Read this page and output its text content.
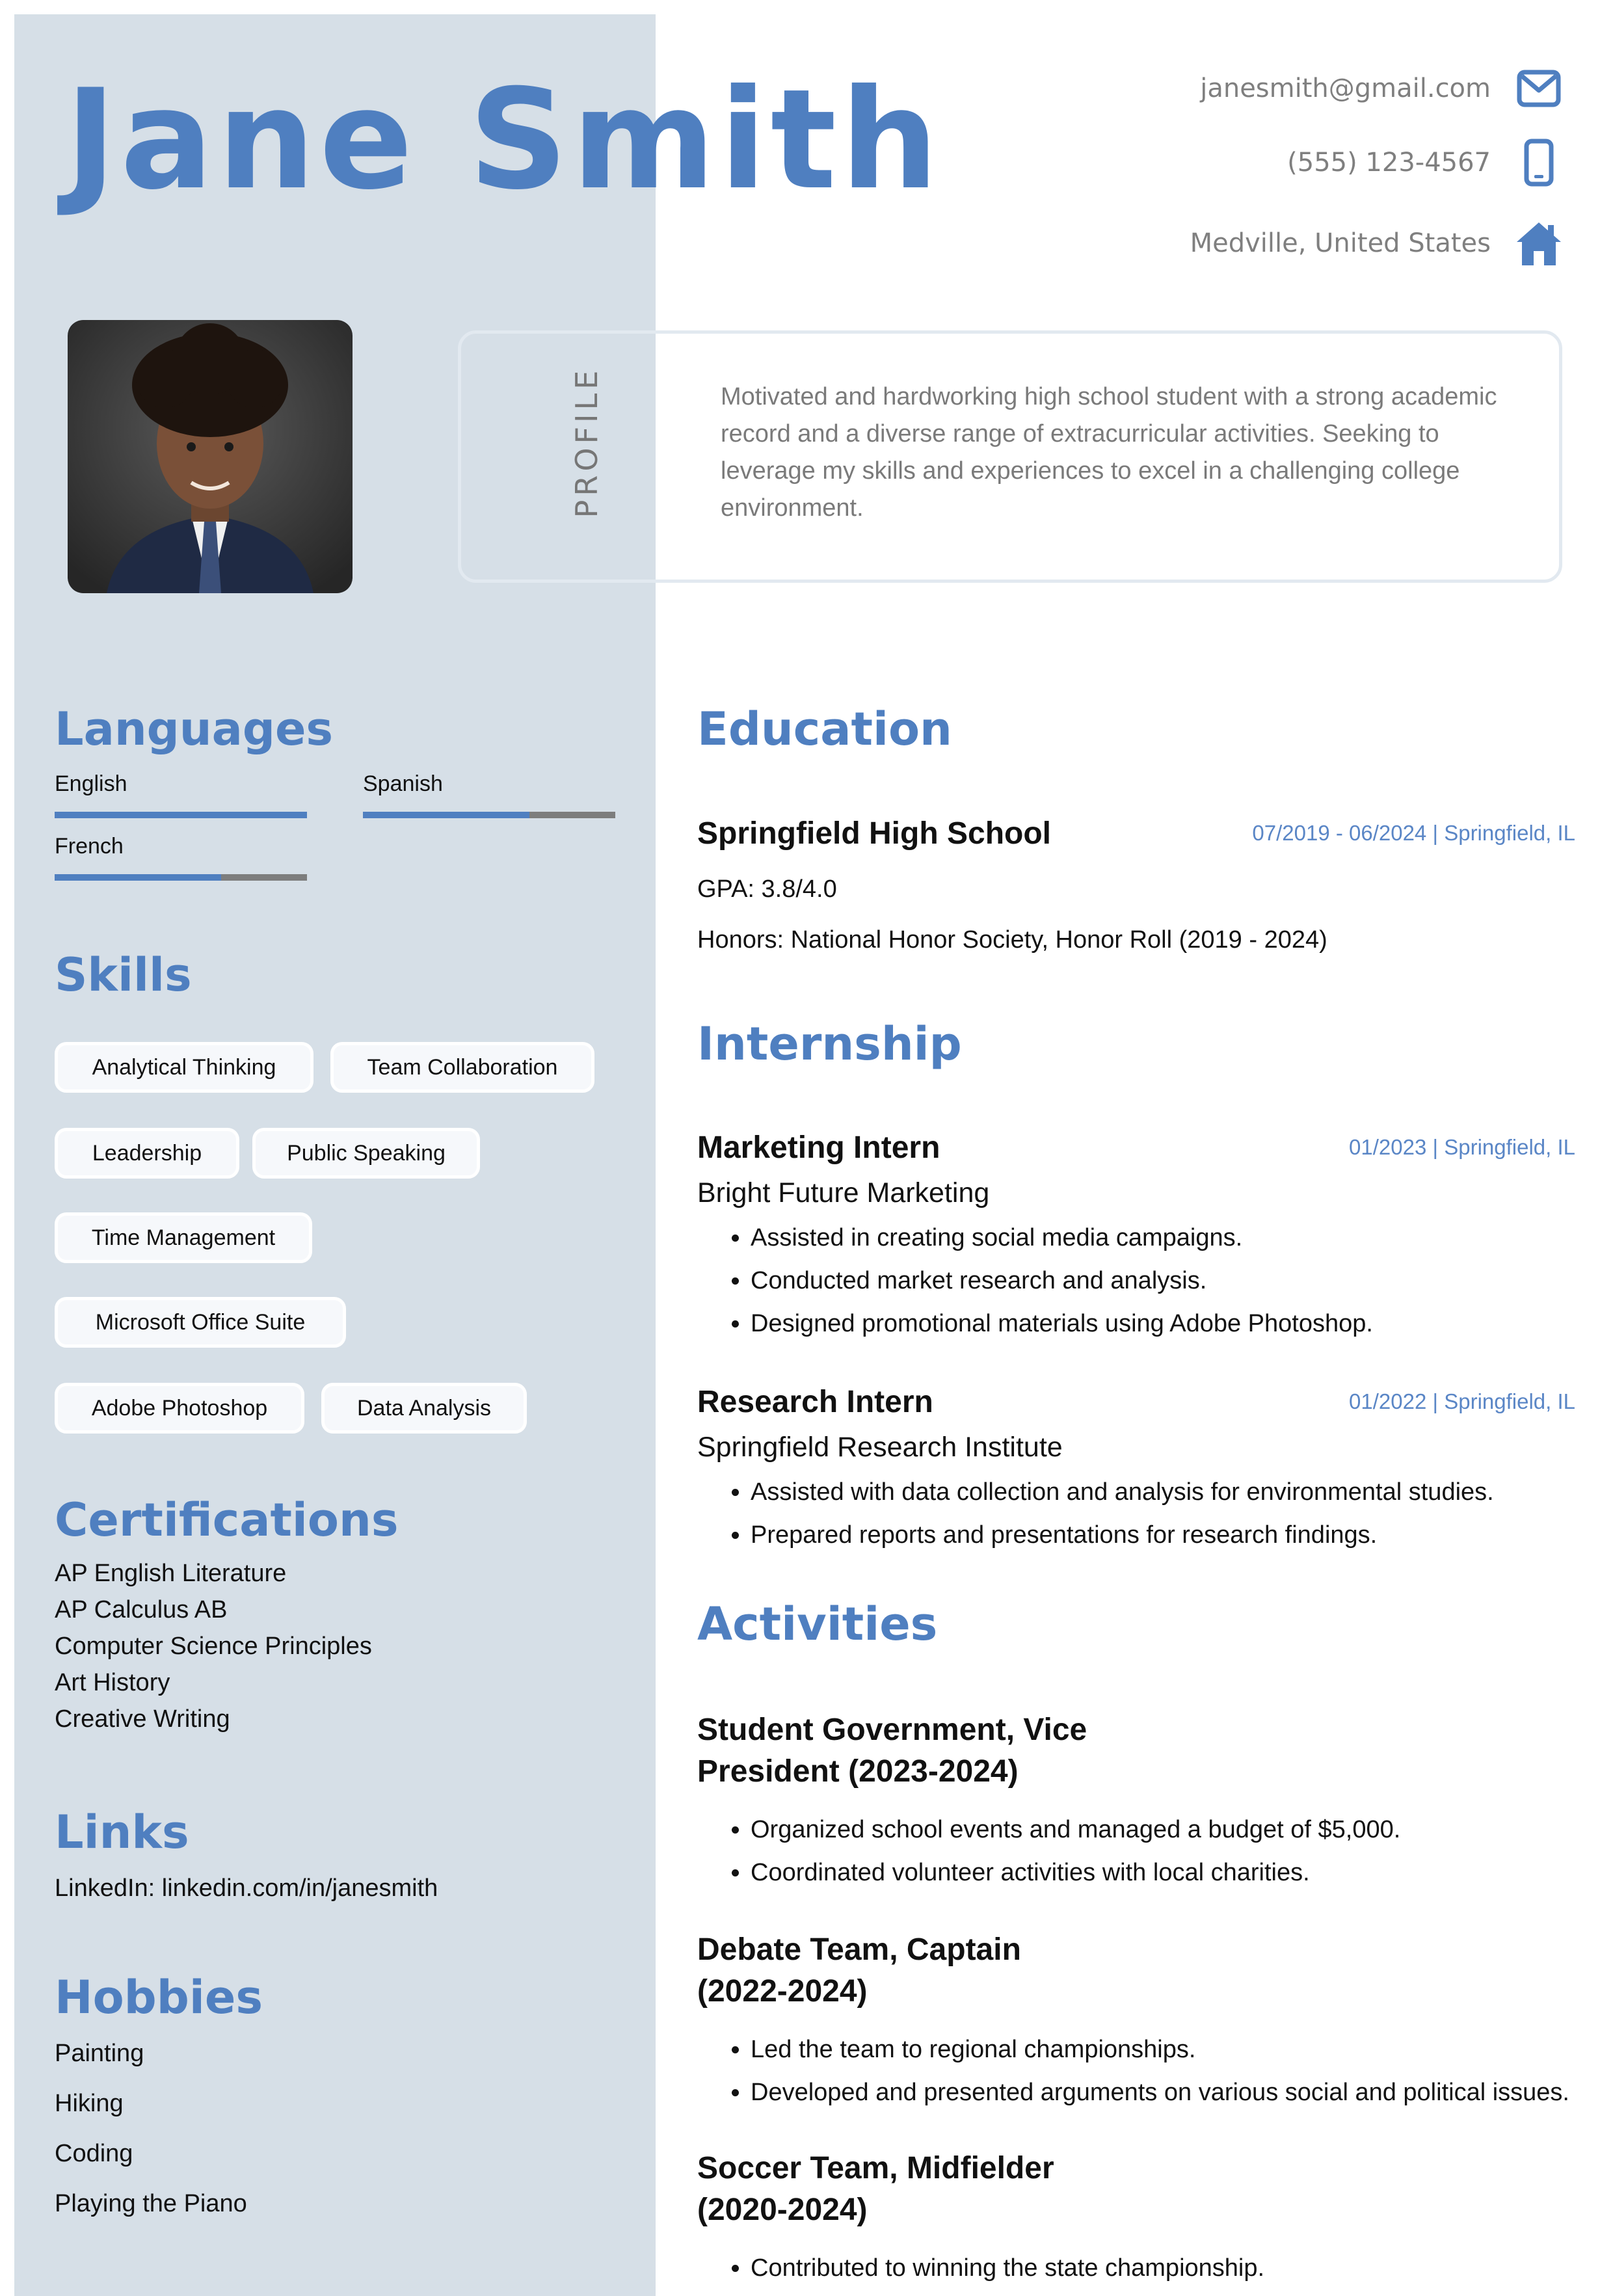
Jane Smith	janesmith@gmail.com
(555) 123-4567
Medville, United States
PROFILE	Motivated and hardworking high school student with a strong academic record and a diverse range of extracurricular activities. Seeking to leverage my skills and experiences to excel in a challenging college environment.

Languages
English	Spanish
French
Skills
Analytical Thinking	Team Collaboration
Leadership	Public Speaking
Time Management
Microsoft Office Suite
Adobe Photoshop	Data Analysis
Certifications
AP English Literature
AP Calculus AB
Computer Science Principles
Art History
Creative Writing
Links
LinkedIn: linkedin.com/in/janesmith
Hobbies
Painting
Hiking
Coding
Playing the Piano
Education
Springfield High School	07/2019 - 06/2024 | Springfield, IL
GPA: 3.8/4.0
Honors: National Honor Society, Honor Roll (2019 - 2024)
Internship
Marketing Intern	01/2023 | Springfield, IL
Bright Future Marketing
• Assisted in creating social media campaigns.
• Conducted market research and analysis.
• Designed promotional materials using Adobe Photoshop.
Research Intern	01/2022 | Springfield, IL
Springfield Research Institute
• Assisted with data collection and analysis for environmental studies.
• Prepared reports and presentations for research findings.
Activities
Student Government, Vice
President (2023-2024)
• Organized school events and managed a budget of $5,000.
• Coordinated volunteer activities with local charities.
Debate Team, Captain
(2022-2024)
• Led the team to regional championships.
• Developed and presented arguments on various social and political issues.
Soccer Team, Midfielder
(2020-2024)
• Contributed to winning the state championship.
